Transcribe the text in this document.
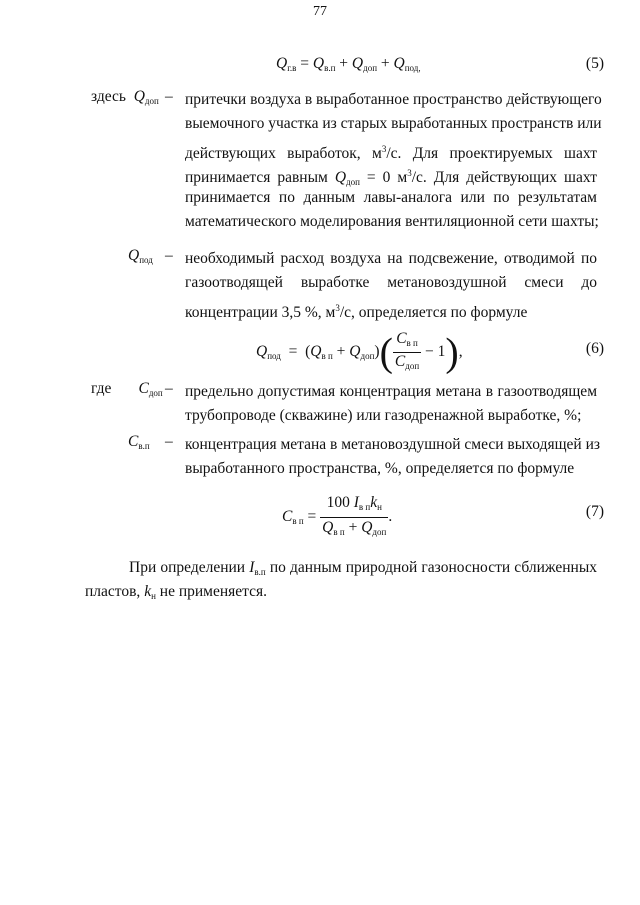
77
$Q_{г.в} = Q_{в.п} + Q_{доп} + Q_{под,}$	(5)
здесь $Q_{доп}$ – притечки воздуха в выработанное пространство действующего
выемочного участка из старых выработанных пространств или
действующих выработок, $м^3/с$. Для проектируемых шахт
принимается равным $Q_{доп} = 0$ $м^3/с$. Для действующих шахт
принимается по данным лавы-аналога или по результатам
математического моделирования вентиляционной сети шахты;
$Q_{под}$ – необходимый расход воздуха на подсвежение, отводимой по
газоотводящей выработке метановоздушной смеси до
концентрации 3,5 %, $м^3/с$, определяется по формуле
$Q_{под} = (Q_{в п} + Q_{доп})( \frac{C_{в п}}{C_{доп}} - 1)$,	(6)
где $C_{доп}$ – предельно допустимая концентрация метана в газоотводящем
трубопроводе (скважине) или газодренажной выработке, %;
$C_{в.п}$ – концентрация метана в метановоздушной смеси выходящей из
выработанного пространства, %, определяется по формуле
$C_{в п} = \frac{100 I_{в п}k_н}{Q_{в п} + Q_{доп}}$ .	(7)
При определении $I_{в.п}$ по данным природной газоносности сближенных
пластов, $k_н$ не применяется.
